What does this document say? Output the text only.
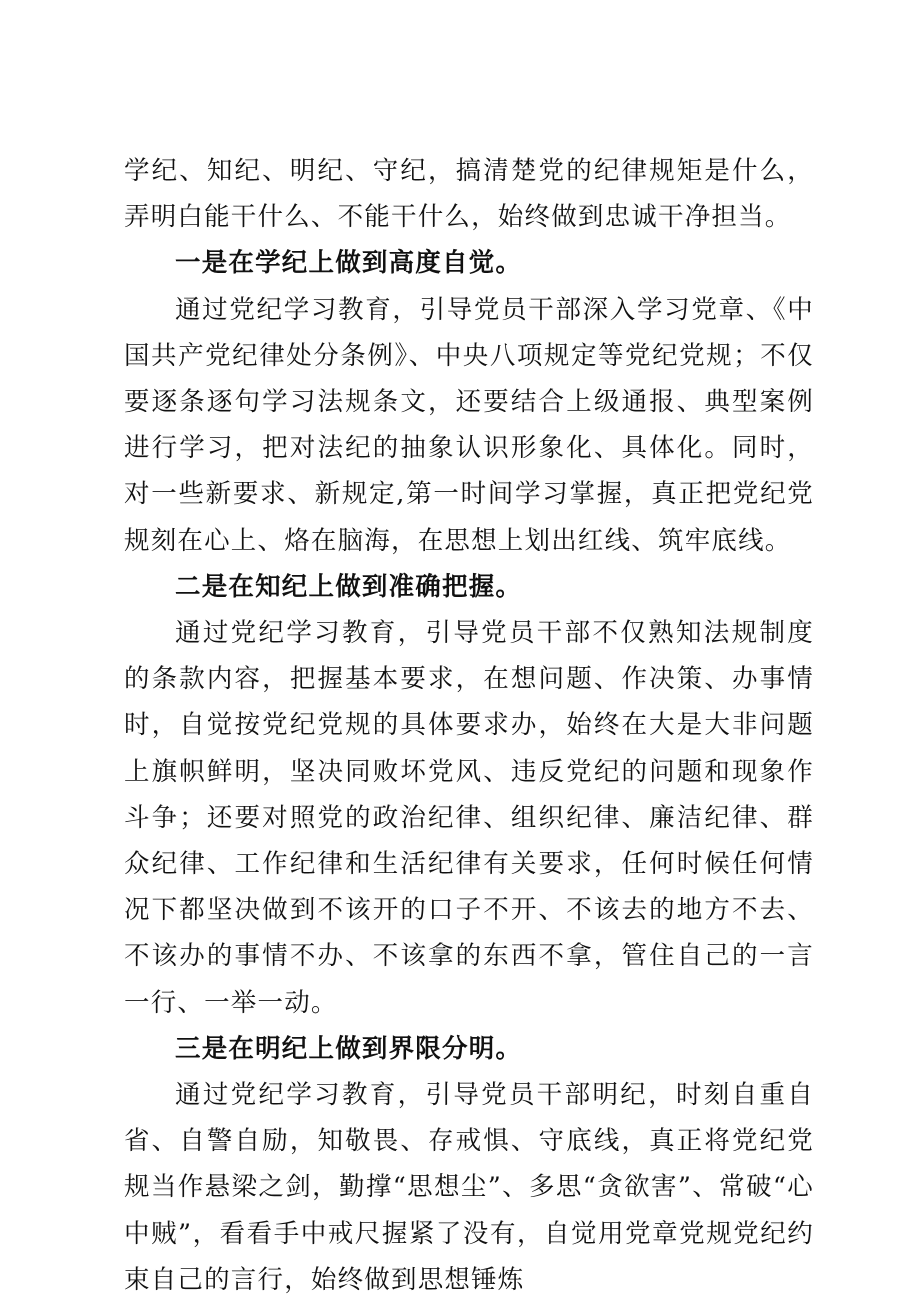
学纪、知纪、明纪、守纪，搞清楚党的纪律规矩是什么，弄明白能干什么、不能干什么，始终做到忠诚干净担当。

一是在学纪上做到高度自觉。

通过党纪学习教育，引导党员干部深入学习党章、《中国共产党纪律处分条例》、中央八项规定等党纪党规；不仅要逐条逐句学习法规条文，还要结合上级通报、典型案例进行学习，把对法纪的抽象认识形象化、具体化。同时，对一些新要求、新规定,第一时间学习掌握，真正把党纪党规刻在心上、烙在脑海，在思想上划出红线、筑牢底线。

二是在知纪上做到准确把握。

通过党纪学习教育，引导党员干部不仅熟知法规制度的条款内容，把握基本要求，在想问题、作决策、办事情时，自觉按党纪党规的具体要求办，始终在大是大非问题上旗帜鲜明，坚决同败坏党风、违反党纪的问题和现象作斗争；还要对照党的政治纪律、组织纪律、廉洁纪律、群众纪律、工作纪律和生活纪律有关要求，任何时候任何情况下都坚决做到不该开的口子不开、不该去的地方不去、不该办的事情不办、不该拿的东西不拿，管住自己的一言一行、一举一动。

三是在明纪上做到界限分明。

通过党纪学习教育，引导党员干部明纪，时刻自重自省、自警自励，知敬畏、存戒惧、守底线，真正将党纪党规当作悬梁之剑，勤撑“思想尘”、多思“贪欲害”、常破“心中贼”，看看手中戒尺握紧了没有，自觉用党章党规党纪约束自己的言行，始终做到思想锤炼
